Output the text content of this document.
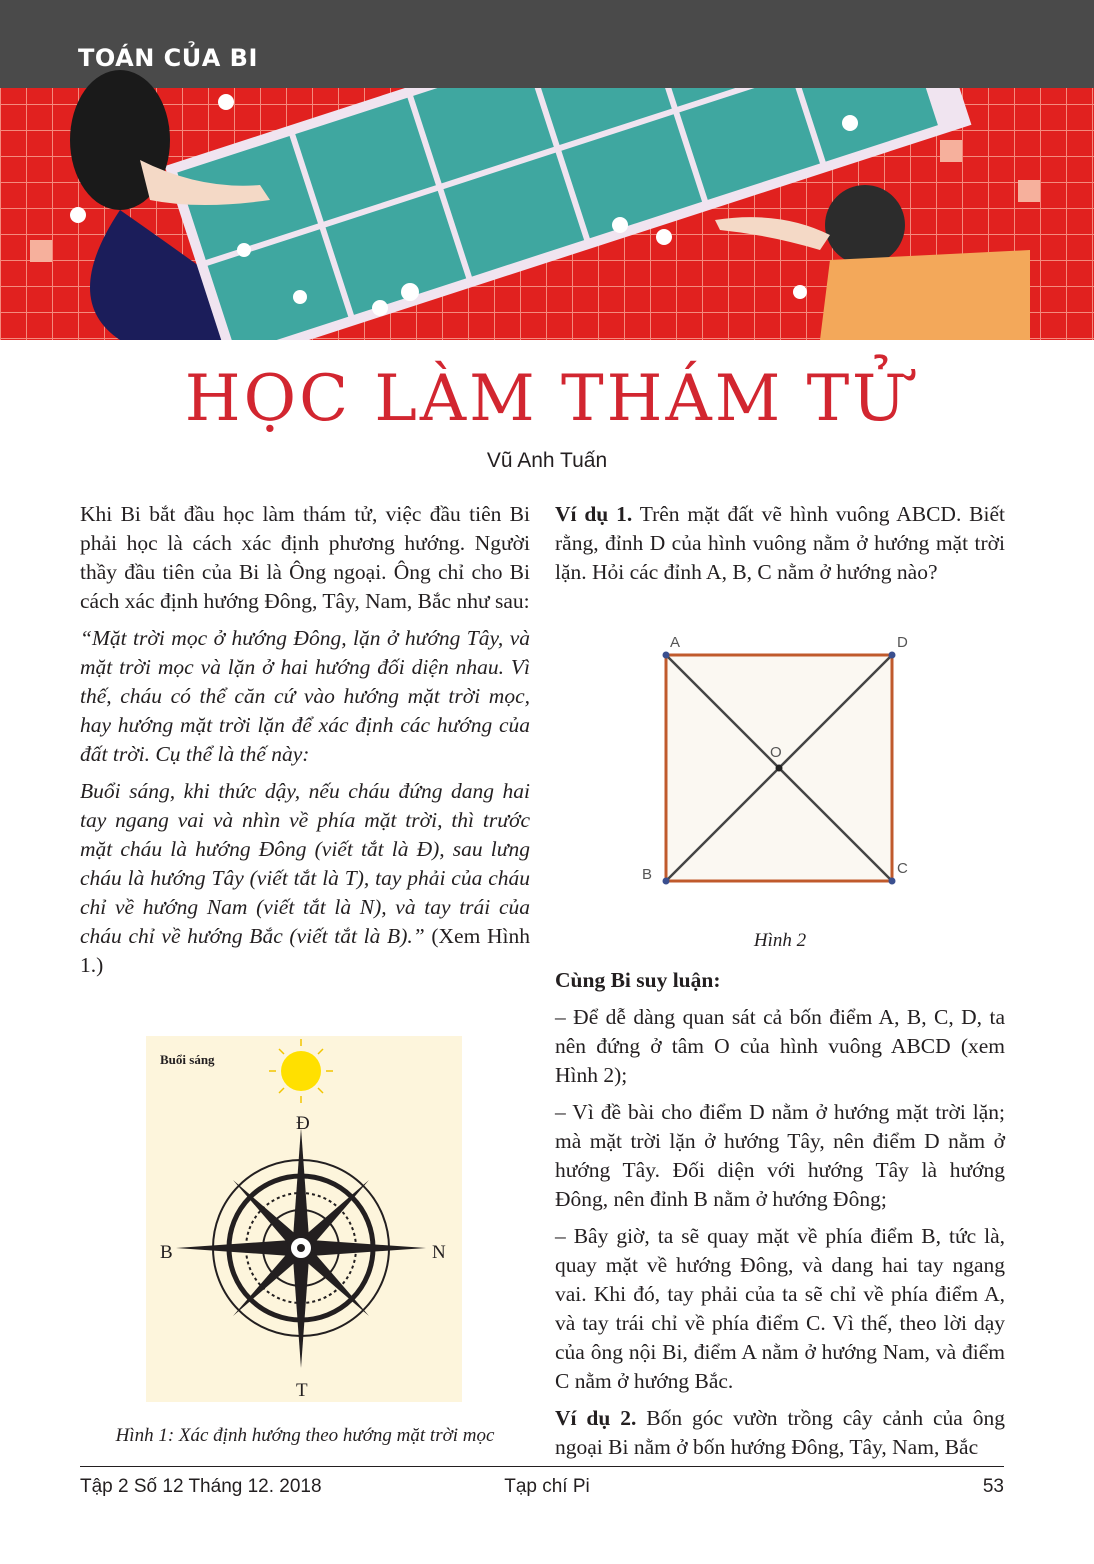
TOÁN CỦA BI
HỌC LÀM THÁM TỬ
Vũ Anh Tuấn

Khi Bi bắt đầu học làm thám tử, việc đầu tiên Bi phải học là cách xác định phương hướng. Người thầy đầu tiên của Bi là Ông ngoại. Ông chỉ cho Bi cách xác định hướng Đông, Tây, Nam, Bắc như sau:

“Mặt trời mọc ở hướng Đông, lặn ở hướng Tây, và mặt trời mọc và lặn ở hai hướng đối diện nhau. Vì thế, cháu có thể căn cứ vào hướng mặt trời mọc, hay hướng mặt trời lặn để xác định các hướng của đất trời. Cụ thể là thế này:

Buổi sáng, khi thức dậy, nếu cháu đứng dang hai tay ngang vai và nhìn về phía mặt trời, thì trước mặt cháu là hướng Đông (viết tắt là Đ), sau lưng cháu là hướng Tây (viết tắt là T), tay phải của cháu chỉ về hướng Nam (viết tắt là N), và tay trái của cháu chỉ về hướng Bắc (viết tắt là B).” (Xem Hình 1.)

Buổi sáng
Đ
B	N
T
Hình 1: Xác định hướng theo hướng mặt trời mọc

Ví dụ 1. Trên mặt đất vẽ hình vuông ABCD. Biết rằng, đỉnh D của hình vuông nằm ở hướng mặt trời lặn. Hỏi các đỉnh A, B, C nằm ở hướng nào?

A	D
B	C
O
Hình 2

Cùng Bi suy luận:

– Để dễ dàng quan sát cả bốn điểm A, B, C, D, ta nên đứng ở tâm O của hình vuông ABCD (xem Hình 2);

– Vì đề bài cho điểm D nằm ở hướng mặt trời lặn; mà mặt trời lặn ở hướng Tây, nên điểm D nằm ở hướng Tây. Đối diện với hướng Tây là hướng Đông, nên đỉnh B nằm ở hướng Đông;

– Bây giờ, ta sẽ quay mặt về phía điểm B, tức là, quay mặt về hướng Đông, và dang hai tay ngang vai. Khi đó, tay phải của ta sẽ chỉ về phía điểm A, và tay trái chỉ về phía điểm C. Vì thế, theo lời dạy của ông nội Bi, điểm A nằm ở hướng Nam, và điểm C nằm ở hướng Bắc.

Ví dụ 2. Bốn góc vườn trồng cây cảnh của ông ngoại Bi nằm ở bốn hướng Đông, Tây, Nam, Bắc

Tập 2 Số 12 Tháng 12. 2018	Tạp chí Pi	53
